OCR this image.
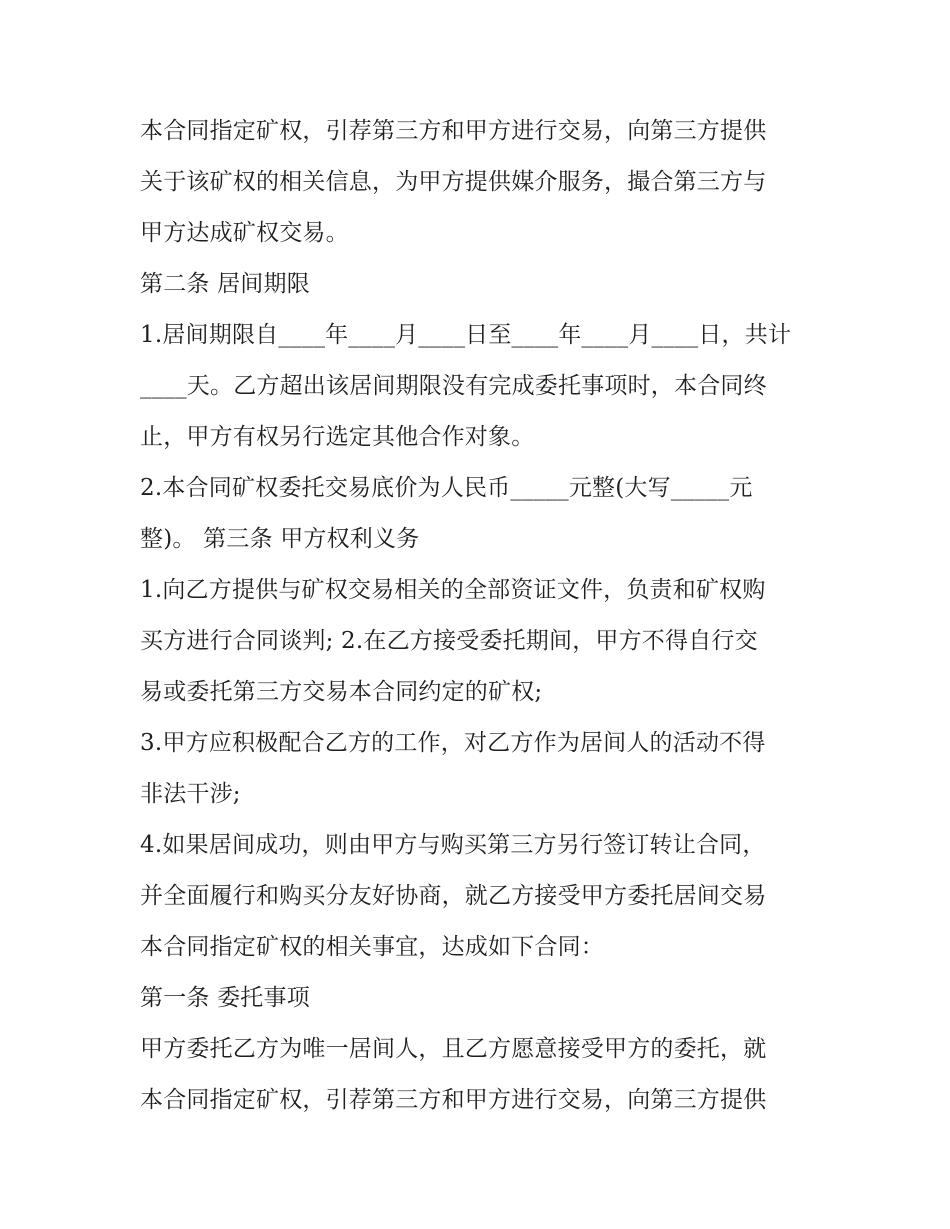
本合同指定矿权，引荐第三方和甲方进行交易，向第三方提供
关于该矿权的相关信息，为甲方提供媒介服务，撮合第三方与
甲方达成矿权交易。
第二条 居间期限
1.居间期限自____年____月____日至____年____月____日，共计
____天。乙方超出该居间期限没有完成委托事项时，本合同终
止，甲方有权另行选定其他合作对象。
2.本合同矿权委托交易底价为人民币_____元整(大写_____元
整)。 第三条 甲方权利义务
1.向乙方提供与矿权交易相关的全部资证文件，负责和矿权购
买方进行合同谈判; 2.在乙方接受委托期间，甲方不得自行交
易或委托第三方交易本合同约定的矿权;
3.甲方应积极配合乙方的工作，对乙方作为居间人的活动不得
非法干涉;
4.如果居间成功，则由甲方与购买第三方另行签订转让合同，
并全面履行和购买分友好协商，就乙方接受甲方委托居间交易
本合同指定矿权的相关事宜，达成如下合同：
第一条 委托事项
甲方委托乙方为唯一居间人，且乙方愿意接受甲方的委托，就
本合同指定矿权，引荐第三方和甲方进行交易，向第三方提供
